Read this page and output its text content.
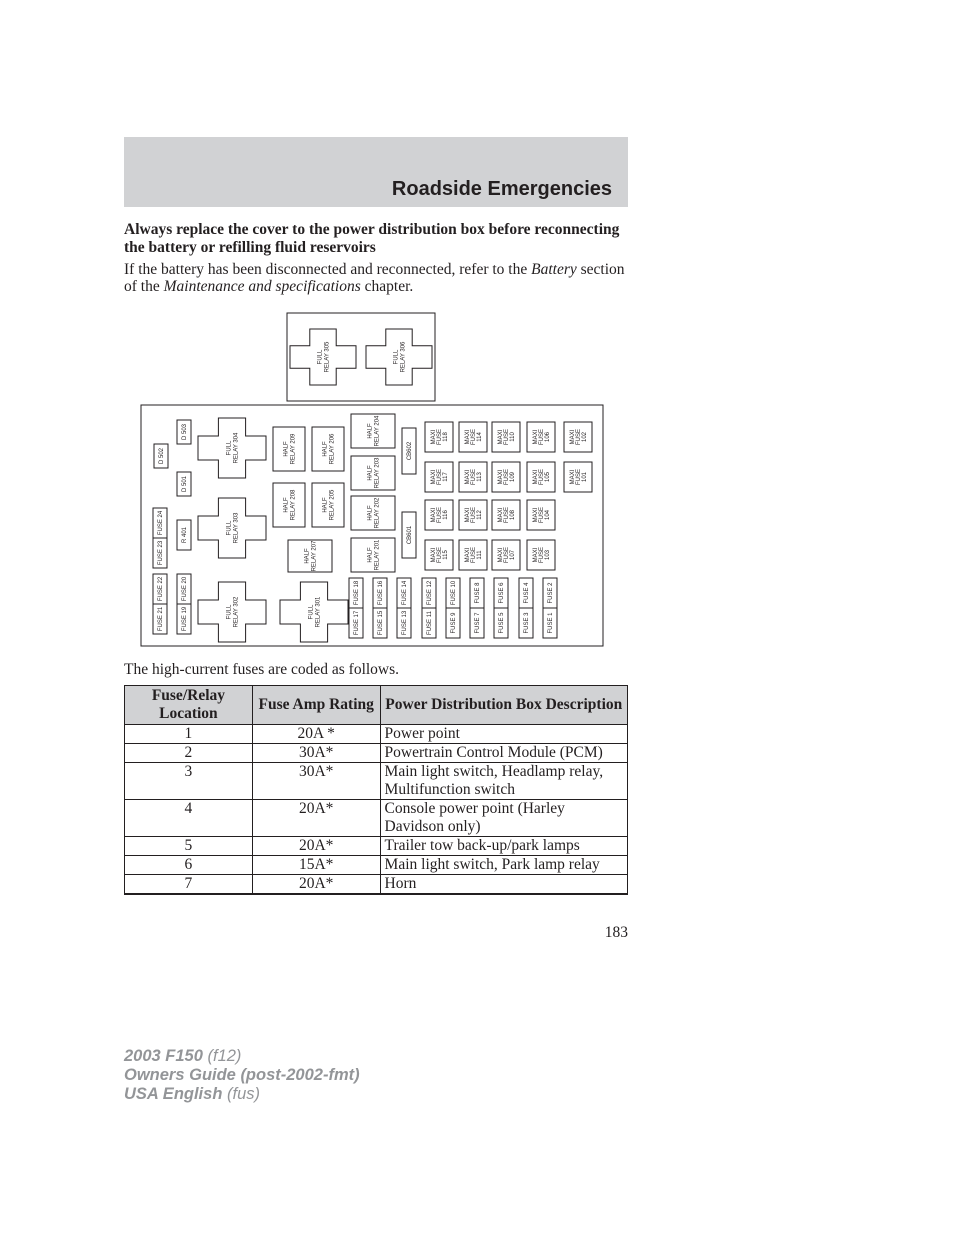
Roadside Emergencies
Always replace the cover to the power distribution box before reconnecting the battery or refilling fluid reservoirs
If the battery has been disconnected and reconnected, refer to the Battery section of the Maintenance and specifications chapter.
FULLRELAY 305	FULLRELAY 306
FULLRELAY 304
FULLRELAY 303
FULLRELAY 302	FULLRELAY 301
HALFRELAY 209	HALFRELAY 206
HALFRELAY 208	HALFRELAY 205
HALFRELAY 207
HALFRELAY 204
HALFRELAY 203
HALFRELAY 202
HALFRELAY 201
CB602
CB601
D 503
D 502
D 501
R 401
FUSE 23
FUSE 24
FUSE 21
FUSE 22
FUSE 19
FUSE 20	FUSE 18
FUSE 17
FUSE 16
FUSE 15
FUSE 14
FUSE 13
FUSE 12
FUSE 11
FUSE 10
FUSE 9
FUSE 8
FUSE 7
FUSE 6
FUSE 5
FUSE 4
FUSE 3
FUSE 2
FUSE 1
MAXIFUSE118	MAXIFUSE114	MAXIFUSE110	MAXIFUSE106	MAXIFUSE102
MAXIFUSE117	MAXIFUSE113	MAXIFUSE109	MAXIFUSE105	MAXIFUSE101
MAXIFUSE116	MAXIFUSE112	MAXIFUSE108	MAXIFUSE104
MAXIFUSE115	MAXIFUSE111	MAXIFUSE107	MAXIFUSE103
The high-current fuses are coded as follows.
Fuse/Relay Location	Fuse Amp Rating	Power Distribution Box Description
1	20A *	Power point
2	30A*	Powertrain Control Module (PCM)
3	30A*	Main light switch, Headlamp relay, Multifunction switch
4	20A*	Console power point (Harley Davidson only)
5	20A*	Trailer tow back-up/park lamps
6	15A*	Main light switch, Park lamp relay
7	20A*	Horn
183
2003 F150 (f12)
Owners Guide (post-2002-fmt)
USA English (fus)
